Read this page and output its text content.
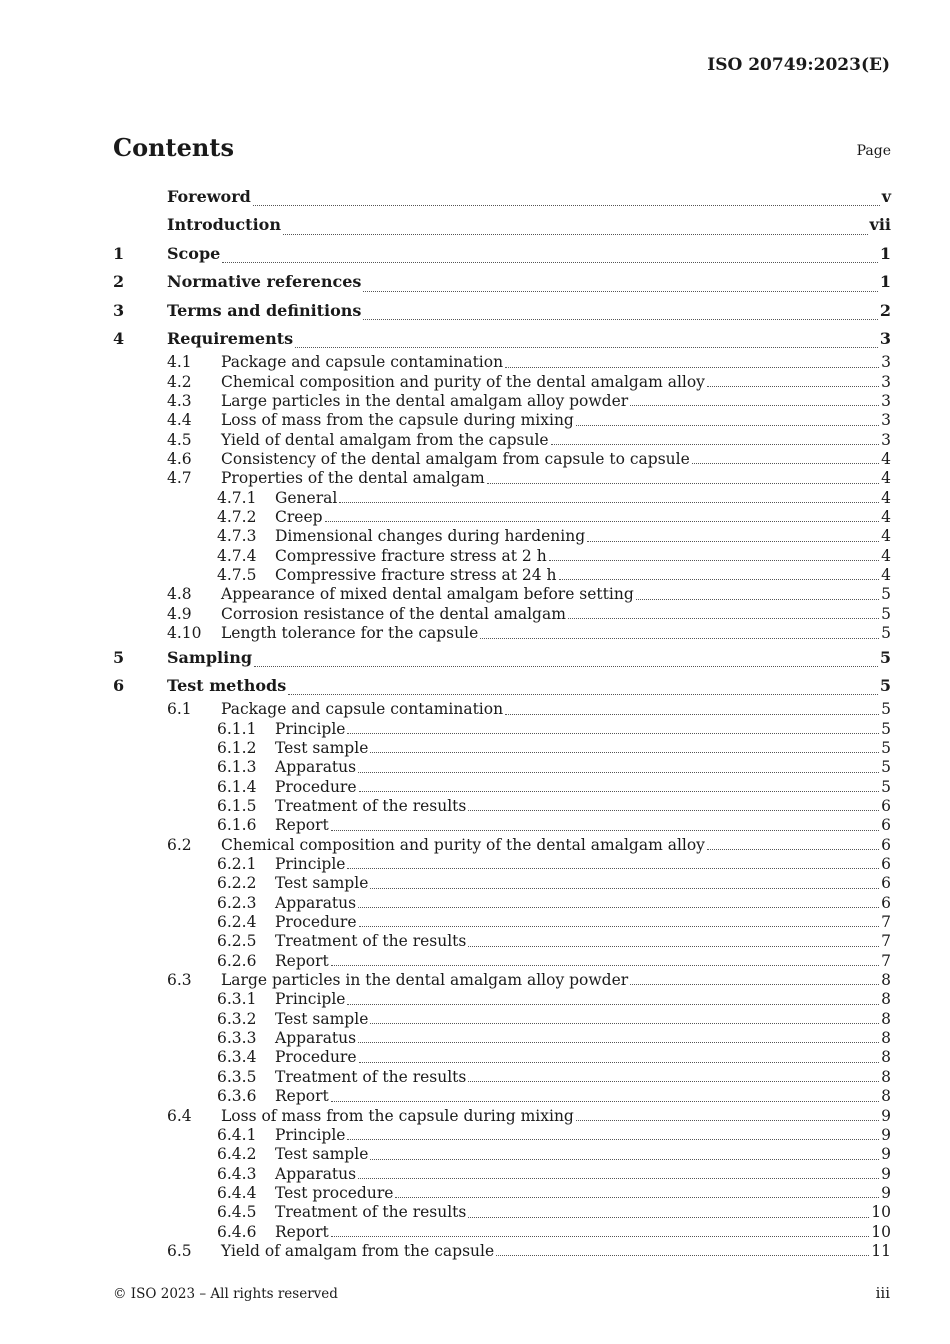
ISO 20749:2023(E)
Contents	Page
Foreword	v
Introduction	vii
1	Scope	1
2	Normative references	1
3	Terms and definitions	2
4	Requirements	3
4.1	Package and capsule contamination	3
4.2	Chemical composition and purity of the dental amalgam alloy	3
4.3	Large particles in the dental amalgam alloy powder	3
4.4	Loss of mass from the capsule during mixing	3
4.5	Yield of dental amalgam from the capsule	3
4.6	Consistency of the dental amalgam from capsule to capsule	4
4.7	Properties of the dental amalgam	4
4.7.1	General	4
4.7.2	Creep	4
4.7.3	Dimensional changes during hardening	4
4.7.4	Compressive fracture stress at 2 h	4
4.7.5	Compressive fracture stress at 24 h	4
4.8	Appearance of mixed dental amalgam before setting	5
4.9	Corrosion resistance of the dental amalgam	5
4.10	Length tolerance for the capsule	5
5	Sampling	5
6	Test methods	5
6.1	Package and capsule contamination	5
6.1.1	Principle	5
6.1.2	Test sample	5
6.1.3	Apparatus	5
6.1.4	Procedure	5
6.1.5	Treatment of the results	6
6.1.6	Report	6
6.2	Chemical composition and purity of the dental amalgam alloy	6
6.2.1	Principle	6
6.2.2	Test sample	6
6.2.3	Apparatus	6
6.2.4	Procedure	7
6.2.5	Treatment of the results	7
6.2.6	Report	7
6.3	Large particles in the dental amalgam alloy powder	8
6.3.1	Principle	8
6.3.2	Test sample	8
6.3.3	Apparatus	8
6.3.4	Procedure	8
6.3.5	Treatment of the results	8
6.3.6	Report	8
6.4	Loss of mass from the capsule during mixing	9
6.4.1	Principle	9
6.4.2	Test sample	9
6.4.3	Apparatus	9
6.4.4	Test procedure	9
6.4.5	Treatment of the results	10
6.4.6	Report	10
6.5	Yield of amalgam from the capsule	11
© ISO 2023 – All rights reserved	iii
